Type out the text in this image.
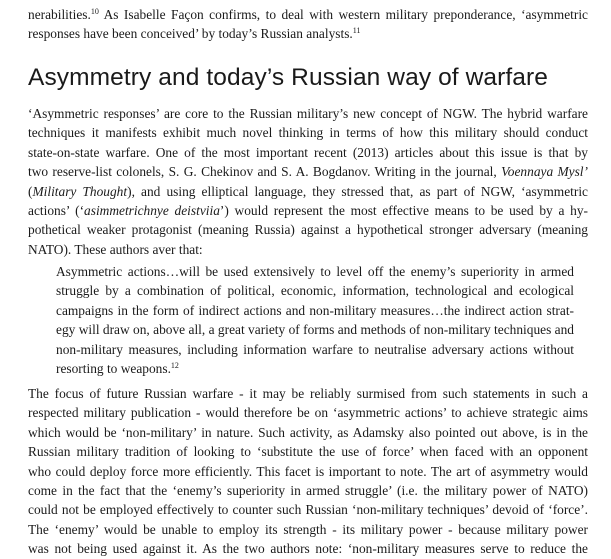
nerabilities.$^{10}$ As Isabelle Façon confirms, to deal with western military preponderance, ‘asymmetric
responses have been conceived’ by today’s Russian analysts.$^{11}$

Asymmetry and today’s Russian way of warfare

‘Asymmetric responses’ are core to the Russian military’s new concept of NGW. The hybrid warfare
techniques it manifests exhibit much novel thinking in terms of how this military should conduct
state-on-state warfare. One of the most important recent (2013) articles about this issue is that by
two reserve-list colonels, S. G. Chekinov and S. A. Bogdanov. Writing in the journal, Voennaya Mysl’
(Military Thought), and using elliptical language, they stressed that, as part of NGW, ‘asymmetric
actions’ (‘asimmetrichnye deistviia’) would represent the most effective means to be used by a hy-
pothetical weaker protagonist (meaning Russia) against a hypothetical stronger adversary (meaning
NATO). These authors aver that:

Asymmetric actions…will be used extensively to level off the enemy’s superiority in armed
struggle by a combination of political, economic, information, technological and ecological
campaigns in the form of indirect actions and non-military measures…the indirect action strat-
egy will draw on, above all, a great variety of forms and methods of non-military techniques and
non-military measures, including information warfare to neutralise adversary actions without
resorting to weapons.$^{12}$

The focus of future Russian warfare - it may be reliably surmised from such statements in such a
respected military publication - would therefore be on ‘asymmetric actions’ to achieve strategic aims
which would be ‘non-military’ in nature. Such activity, as Adamsky also pointed out above, is in the
Russian military tradition of looking to ‘substitute the use of force’ when faced with an opponent
who could deploy force more efficiently. This facet is important to note. The art of asymmetry would
come in the fact that the ‘enemy’s superiority in armed struggle’ (i.e. the military power of NATO)
could not be employed effectively to counter such Russian ‘non-military techniques’ devoid of ‘force’.
The ‘enemy’ would be unable to employ its strength - its military power - because military power
was not being used against it. As the two authors note: ‘non-military measures serve to reduce the
